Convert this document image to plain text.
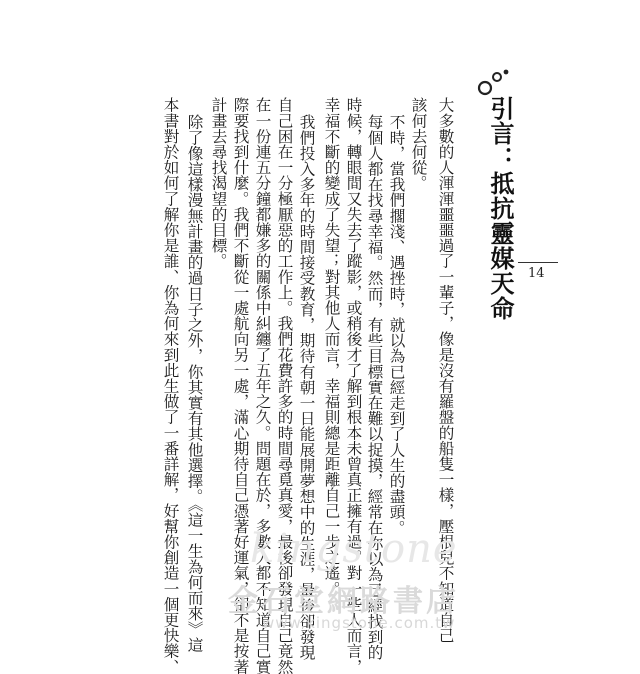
引言：抵抗靈媒天命	14
大多數的人渾渾噩噩過了一輩子，像是沒有羅盤的船隻一樣，壓根兒不知道自己
該何去何從。
不時，當我們擱淺、遇挫時，就以為已經走到了人生的盡頭。
每個人都在找尋幸福。然而，有些目標實在難以捉摸，經常在你以為已經找到的
時候，轉眼間又失去了蹤影，或稍後才了解到根本未曾真正擁有過。對一些人而言，
幸福不斷的變成了失望；對其他人而言，幸福則總是距離自己一步之遙。
我們投入多年的時間接受教育，期待有朝一日能展開夢想中的生涯，最後卻發現
自己困在一分極厭惡的工作上。我們花費許多的時間尋覓真愛，最後卻發現自己竟然
在一份連五分鐘都嫌多的關係中糾纏了五年之久。問題在於，多數人都不知道自己實
際要找到什麼。我們不斷從一處航向另一處，滿心期待自己憑著好運氣，卻不是按著
計畫去尋找渴望的目標。
除了像這樣漫無計畫的過日子之外，你其實有其他選擇。《這一生為何而來》這
本書對於如何了解你是誰、你為何來到此生做了一番詳解，好幫你創造一個更快樂、 kingstone
金石堂網路書店
www.kingstone.com.tw
